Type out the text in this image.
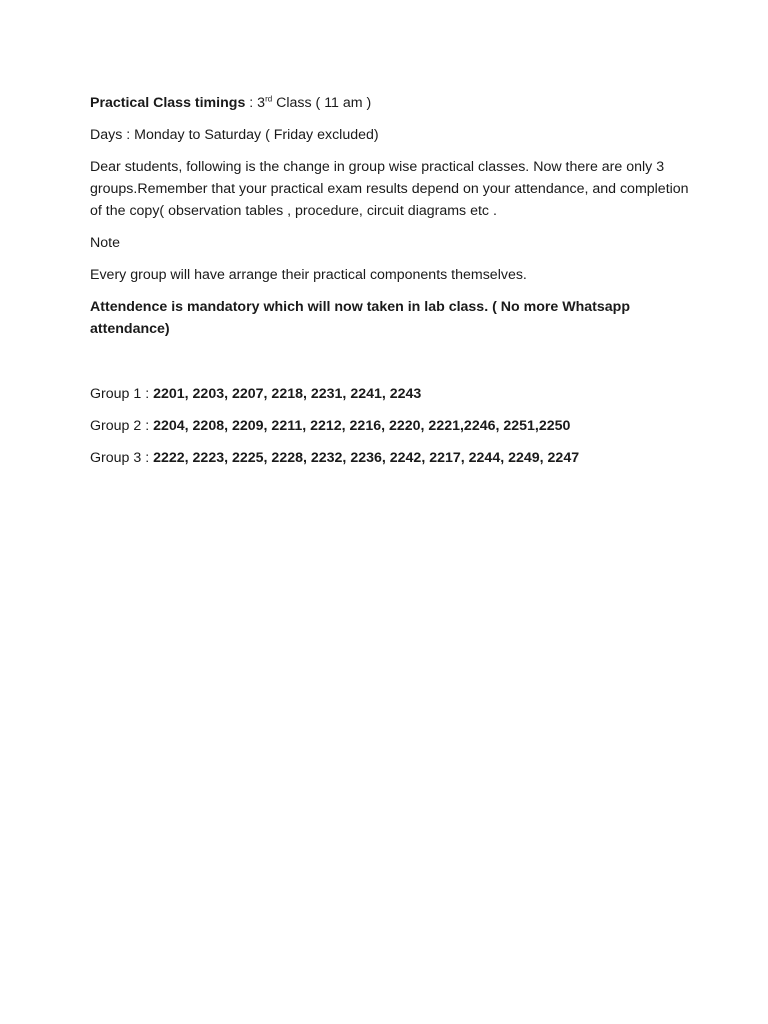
Practical Class timings : 3rd Class ( 11 am )

Days : Monday to Saturday ( Friday excluded)

Dear students, following is the change in group wise practical classes. Now there are only 3 groups.Remember that your practical exam results depend on your attendance, and completion of the copy( observation tables , procedure, circuit diagrams etc .

Note

Every group will have arrange their practical components themselves.

Attendence is mandatory which will now taken in lab class. ( No more Whatsapp attendance)

Group 1 : 2201, 2203, 2207, 2218, 2231, 2241, 2243

Group 2 : 2204, 2208, 2209, 2211, 2212, 2216, 2220, 2221,2246, 2251,2250

Group 3 : 2222, 2223, 2225, 2228, 2232, 2236, 2242, 2217, 2244, 2249, 2247
